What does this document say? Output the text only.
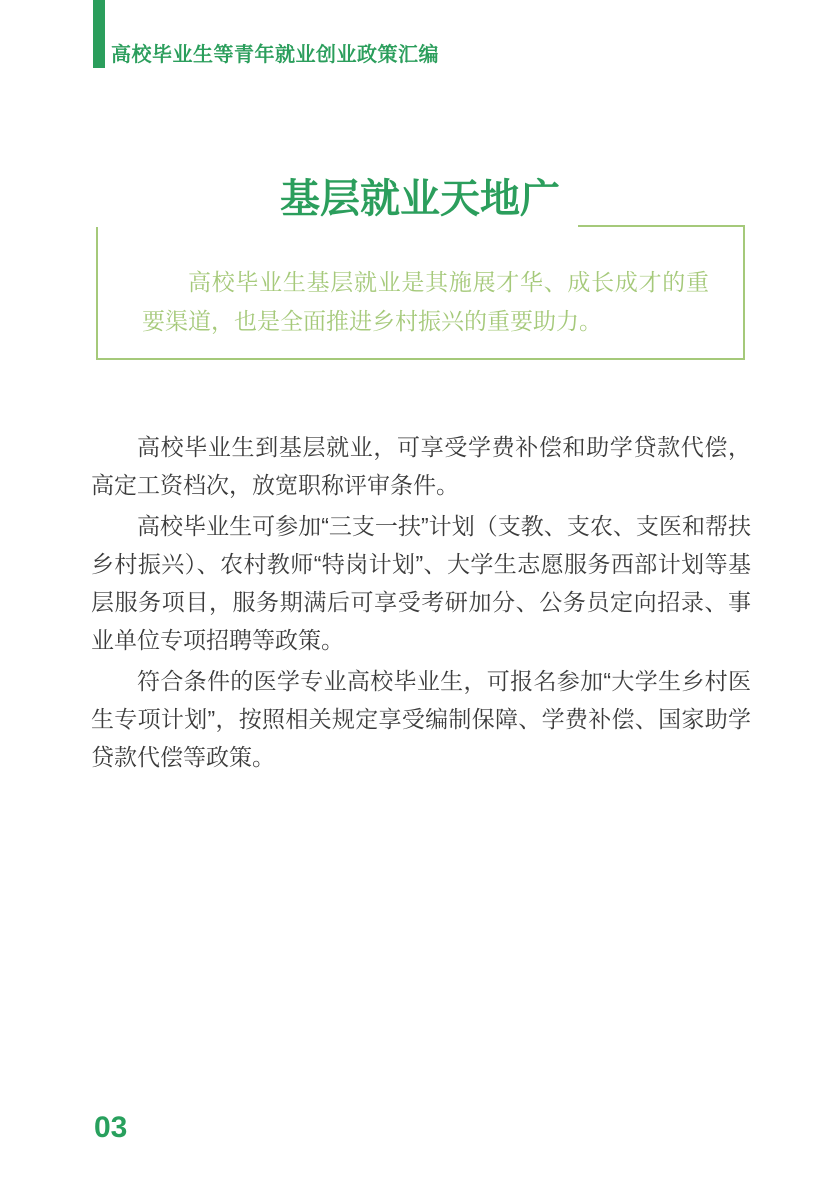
高校毕业生等青年就业创业政策汇编
基层就业天地广
高校毕业生基层就业是其施展才华、成长成才的重要渠道，也是全面推进乡村振兴的重要助力。

高校毕业生到基层就业，可享受学费补偿和助学贷款代偿，高定工资档次，放宽职称评审条件。

高校毕业生可参加“三支一扶”计划（支教、支农、支医和帮扶乡村振兴）、农村教师“特岗计划”、大学生志愿服务西部计划等基层服务项目，服务期满后可享受考研加分、公务员定向招录、事业单位专项招聘等政策。

符合条件的医学专业高校毕业生，可报名参加“大学生乡村医生专项计划”，按照相关规定享受编制保障、学费补偿、国家助学贷款代偿等政策。

03
